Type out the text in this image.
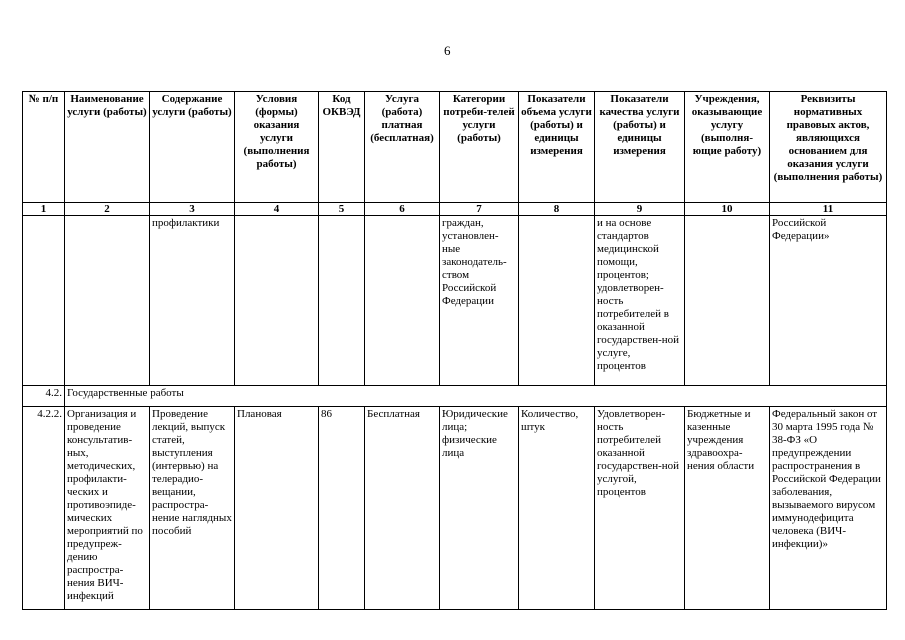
6
№ п/п	Наименование услуги (работы)	Содержание услуги (работы)	Условия (формы) оказания услуги (выполнения работы)	Код ОКВЭД	Услуга (работа) платная (бесплатная)	Категории потреби-телей услуги (работы)	Показатели объема услуги (работы) и единицы измерения	Показатели качества услуги (работы) и единицы измерения	Учреждения, оказывающие услугу (выполня-ющие работу)	Реквизиты нормативных правовых актов, являющихся основанием для оказания услуги (выполнения работы)
1	2	3	4	5	6	7	8	9	10	11
		профилактики				граждан, установлен-ные законодатель-ством Российской Федерации		и на основе стандартов медицинской помощи, процентов; удовлетворен-ность потребителей в оказанной государствен-ной услуге, процентов		Российской Федерации»
4.2.	Государственные работы									
4.2.2.	Организация и проведение консультатив-ных, методических, профилакти-ческих и противоэпиде-мических мероприятий по предупреж-дению распростра-нения ВИЧ-инфекций	Проведение лекций, выпуск статей, выступления (интервью) на телерадио-вещании, распростра-нение наглядных пособий	Плановая	86	Бесплатная	Юридические лица; физические лица	Количество, штук	Удовлетворен-ность потребителей оказанной государствен-ной услугой, процентов	Бюджетные и казенные учреждения здравоохра-нения области	Федеральный закон от 30 марта 1995 года № 38-ФЗ «О предупреждении распространения в Российской Федерации заболевания, вызываемого вирусом иммунодефицита человека (ВИЧ-инфекции)»
